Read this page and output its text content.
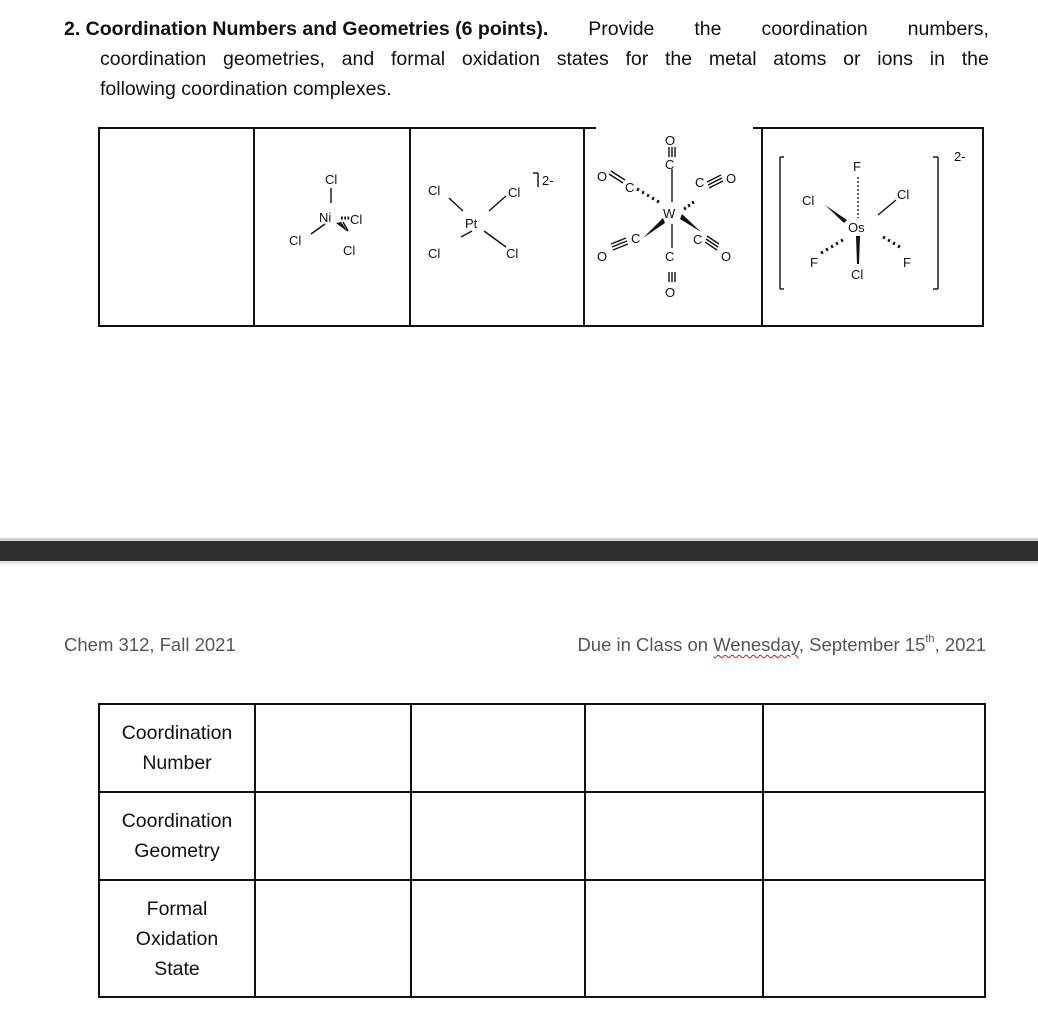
2. Coordination Numbers and Geometries (6 points). Provide the coordination numbers,
coordination geometries, and formal oxidation states for the metal atoms or ions in the
following coordination complexes.
Cl
Ni Cl
Cl
Cl
Cl
Pt
Cl
Cl	Cl
2-
O
C
W
C
O
O
C
O
C
C O
C
O
F
Cl	Cl
Os
F	F
Cl
2-
Chem 312, Fall 2021	Due in Class on Wenesday, September 15th, 2021
Coordination
Number				

Coordination
Geometry				

Formal
Oxidation
State				
